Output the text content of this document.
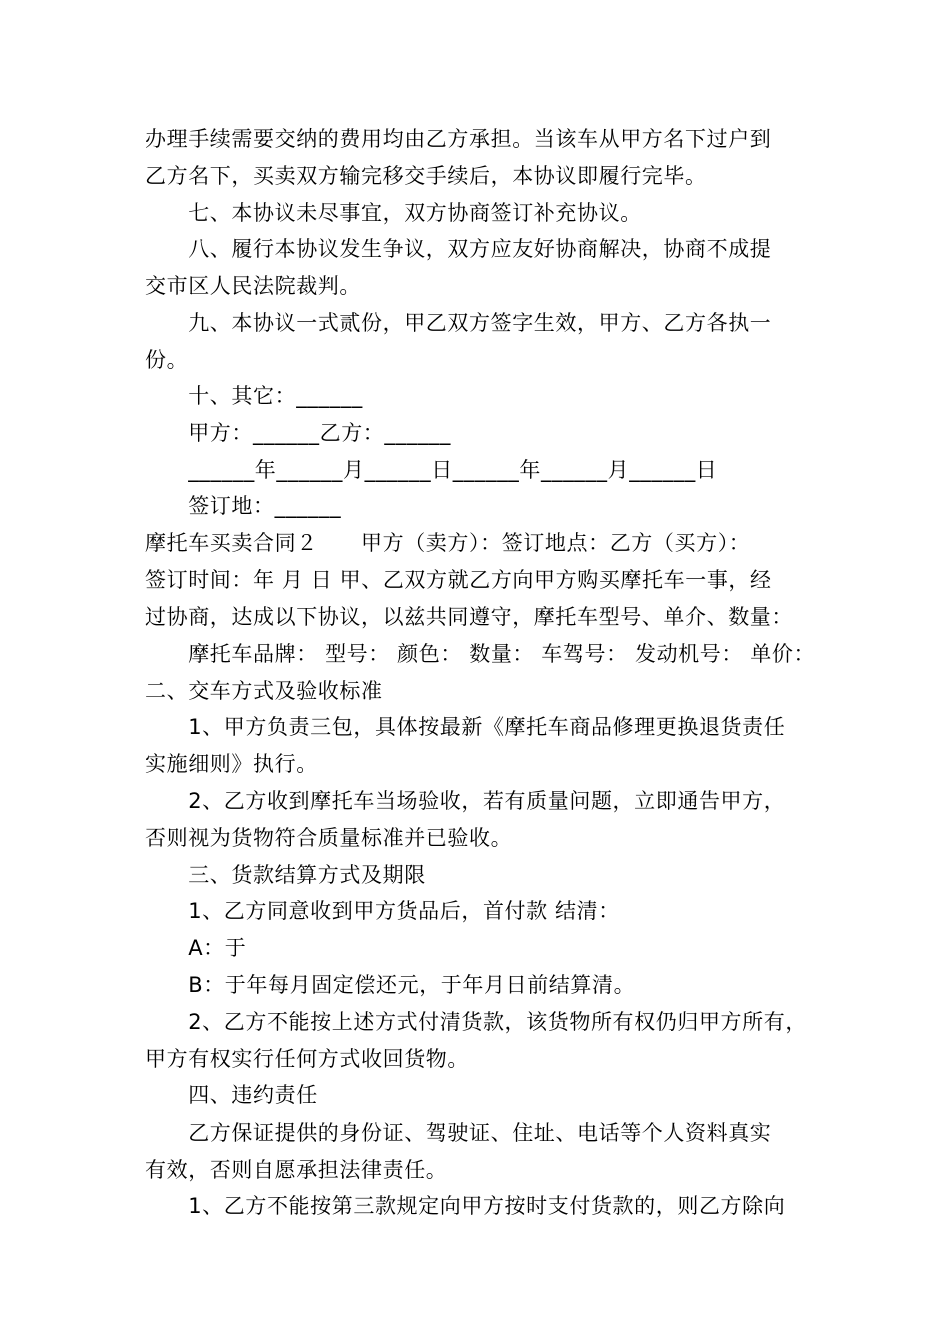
办理手续需要交纳的费用均由乙方承担。当该车从甲方名下过户到
乙方名下，买卖双方输完移交手续后，本协议即履行完毕。
　　七、本协议未尽事宜，双方协商签订补充协议。
　　八、履行本协议发生争议，双方应友好协商解决，协商不成提
交市区人民法院裁判。
　　九、本协议一式贰份，甲乙双方签字生效，甲方、乙方各执一
份。
　　十、其它：______
　　甲方：______乙方：______
　　______年______月______日______年______月______日
　　签订地：______
摩托车买卖合同２　　甲方（卖方）：签订地点：乙方（买方）：
签订时间：年 月 日 甲、乙双方就乙方向甲方购买摩托车一事，经
过协商，达成以下协议，以兹共同遵守，摩托车型号、单介、数量：
　　摩托车品牌： 型号： 颜色： 数量： 车驾号： 发动机号： 单价：
二、交车方式及验收标准
　　1、甲方负责三包，具体按最新《摩托车商品修理更换退货责任
实施细则》执行。
　　2、乙方收到摩托车当场验收，若有质量问题，立即通告甲方，
否则视为货物符合质量标准并已验收。
　　三、货款结算方式及期限
　　1、乙方同意收到甲方货品后，首付款 结清：
　　A：于
　　B：于年每月固定偿还元，于年月日前结算清。
　　2、乙方不能按上述方式付清货款，该货物所有权仍归甲方所有，
甲方有权实行任何方式收回货物。
　　四、违约责任
　　乙方保证提供的身份证、驾驶证、住址、电话等个人资料真实
有效，否则自愿承担法律责任。
　　1、乙方不能按第三款规定向甲方按时支付货款的，则乙方除向
